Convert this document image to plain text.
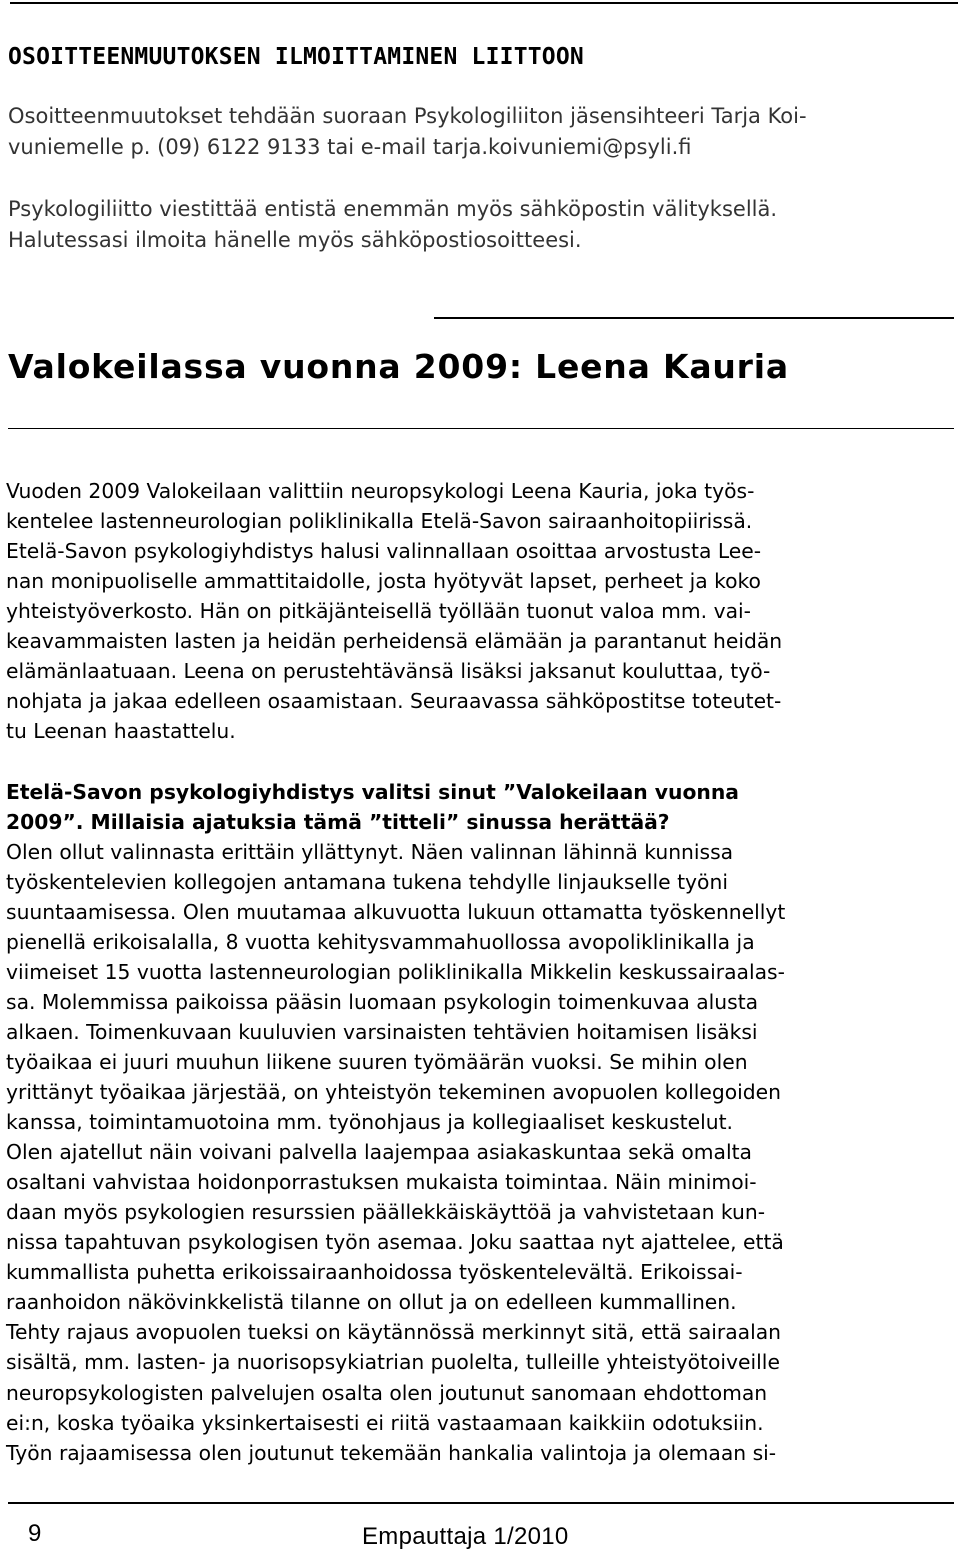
OSOITTEENMUUTOKSEN ILMOITTAMINEN LIITTOON
Osoitteenmuutokset tehdään suoraan Psykologiliiton jäsensihteeri Tarja Koi-
vuniemelle p. (09) 6122 9133 tai e-mail tarja.koivuniemi@psyli.fi
Psykologiliitto viestittää entistä enemmän myös sähköpostin välityksellä.
Halutessasi ilmoita hänelle myös sähköpostiosoitteesi.
Valokeilassa vuonna 2009: Leena Kauria
Vuoden 2009 Valokeilaan valittiin neuropsykologi Leena Kauria, joka työs-
kentelee lastenneurologian poliklinikalla Etelä-Savon sairaanhoitopiirissä.
Etelä-Savon psykologiyhdistys halusi valinnallaan osoittaa arvostusta Lee-
nan monipuoliselle ammattitaidolle, josta hyötyvät lapset, perheet ja koko
yhteistyöverkosto. Hän on pitkäjänteisellä työllään tuonut valoa mm. vai-
keavammaisten lasten ja heidän perheidensä elämään ja parantanut heidän
elämänlaatuaan. Leena on perustehtävänsä lisäksi jaksanut kouluttaa, työ-
nohjata ja jakaa edelleen osaamistaan. Seuraavassa sähköpostitse toteutet-
tu Leenan haastattelu.
Etelä-Savon psykologiyhdistys valitsi sinut ”Valokeilaan vuonna
2009”. Millaisia ajatuksia tämä ”titteli” sinussa herättää?
Olen ollut valinnasta erittäin yllättynyt. Näen valinnan lähinnä kunnissa
työskentelevien kollegojen antamana tukena tehdylle linjaukselle työni
suuntaamisessa. Olen muutamaa alkuvuotta lukuun ottamatta työskennellyt
pienellä erikoisalalla, 8 vuotta kehitysvammahuollossa avopoliklinikalla ja
viimeiset 15 vuotta lastenneurologian poliklinikalla Mikkelin keskussairaalas-
sa. Molemmissa paikoissa pääsin luomaan psykologin toimenkuvaa alusta
alkaen. Toimenkuvaan kuuluvien varsinaisten tehtävien hoitamisen lisäksi
työaikaa ei juuri muuhun liikene suuren työmäärän vuoksi. Se mihin olen
yrittänyt työaikaa järjestää, on yhteistyön tekeminen avopuolen kollegoiden
kanssa, toimintamuotoina mm. työnohjaus ja kollegiaaliset keskustelut.
Olen ajatellut näin voivani palvella laajempaa asiakaskuntaa sekä omalta
osaltani vahvistaa hoidonporrastuksen mukaista toimintaa. Näin minimoi-
daan myös psykologien resurssien päällekkäiskäyttöä ja vahvistetaan kun-
nissa tapahtuvan psykologisen työn asemaa. Joku saattaa nyt ajattelee, että
kummallista puhetta erikoissairaanhoidossa työskentelevältä. Erikoissai-
raanhoidon näkövinkkelistä tilanne on ollut ja on edelleen kummallinen.
Tehty rajaus avopuolen tueksi on käytännössä merkinnyt sitä, että sairaalan
sisältä, mm. lasten- ja nuorisopsykiatrian puolelta, tulleille yhteistyötoiveille
neuropsykologisten palvelujen osalta olen joutunut sanomaan ehdottoman
ei:n, koska työaika yksinkertaisesti ei riitä vastaamaan kaikkiin odotuksiin.
Työn rajaamisessa olen joutunut tekemään hankalia valintoja ja olemaan si-
9	Empauttaja 1/2010
